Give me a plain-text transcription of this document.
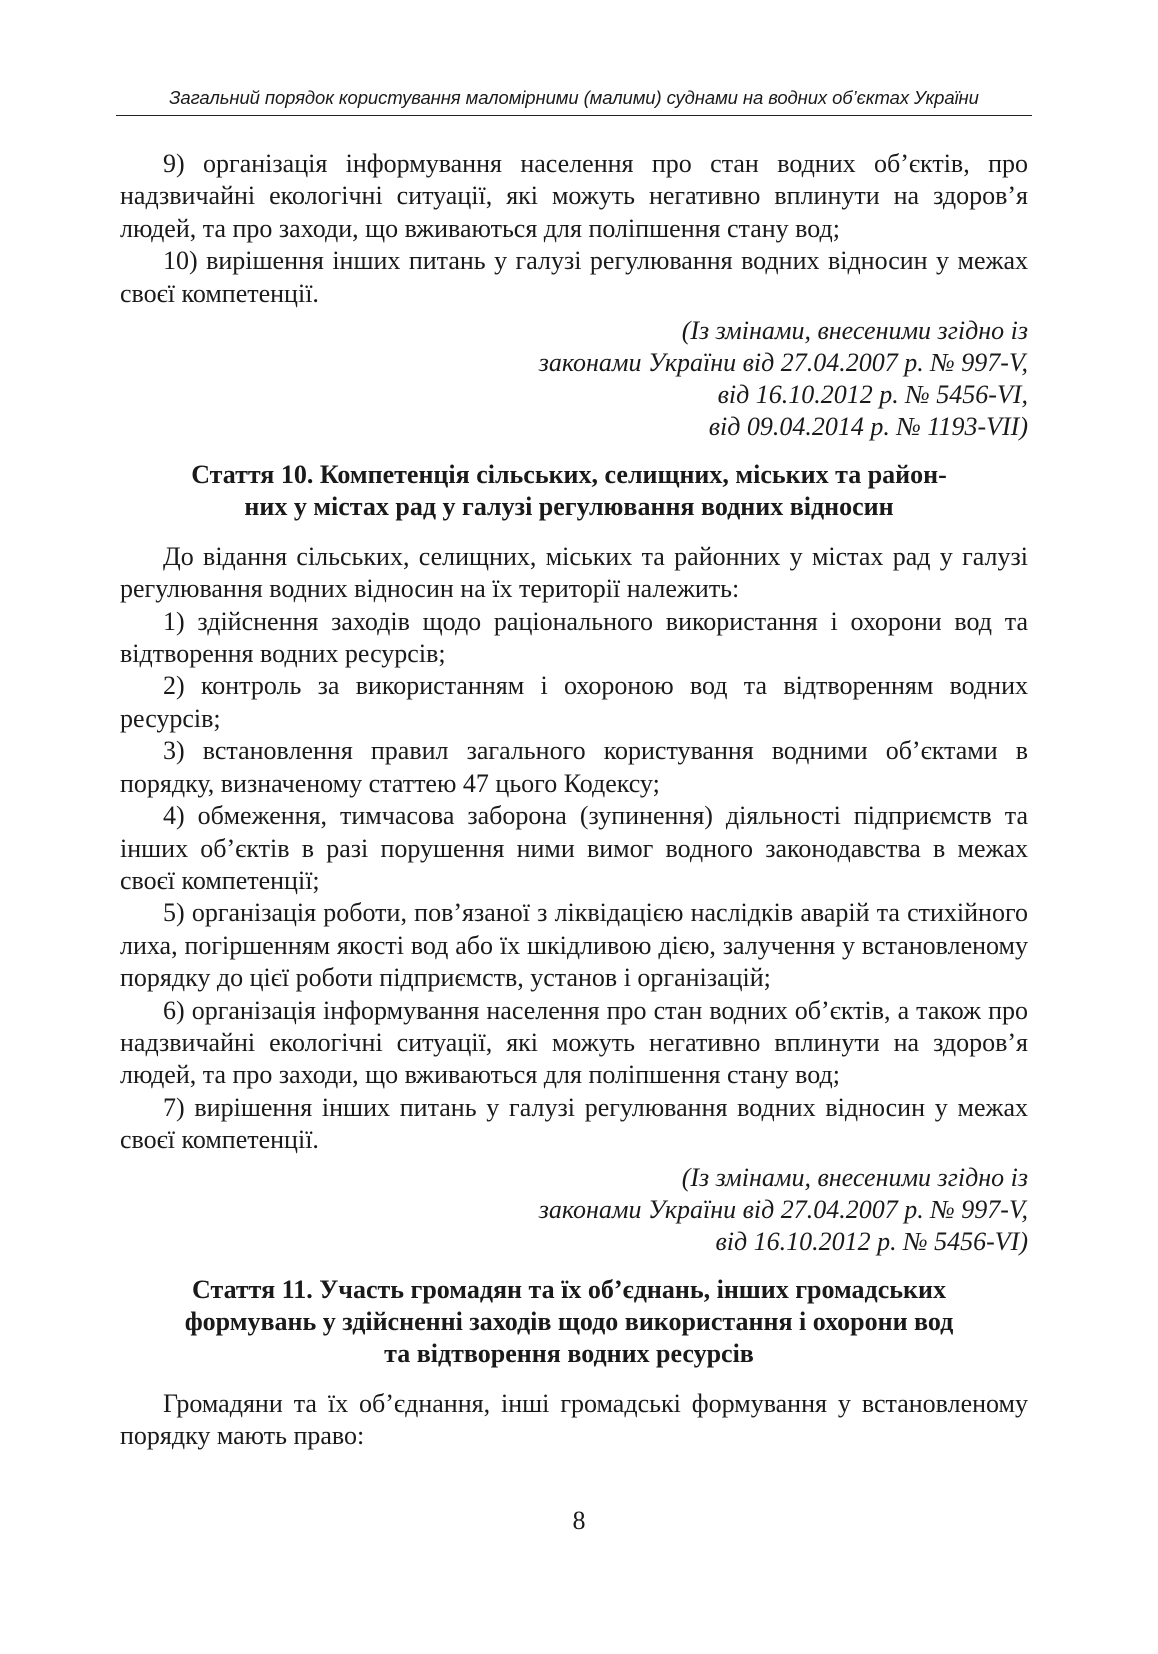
Загальний порядок користування маломірними (малими) суднами на водних об’єктах України

9) організація інформування населення про стан водних об’єктів, про надзвичайні екологічні ситуації, які можуть негативно вплинути на здоров’я людей, та про заходи, що вживаються для поліпшення стану вод;

10) вирішення інших питань у галузі регулювання водних відносин у межах своєї компетенції.

(Із змінами, внесеними згідно із
законами України від 27.04.2007 р. № 997-V,
від 16.10.2012 р. № 5456-VI,
від 09.04.2014 р. № 1193-VII)
Стаття 10. Компетенція сільських, селищних, міських та район-
них у містах рад у галузі регулювання водних відносин

До відання сільських, селищних, міських та районних у містах рад у галузі регулювання водних відносин на їх території належить:

1) здійснення заходів щодо раціонального використання і охорони вод та відтворення водних ресурсів;

2) контроль за використанням і охороною вод та відтворенням водних ресурсів;

3) встановлення правил загального користування водними об’єктами в порядку, визначеному статтею 47 цього Кодексу;

4) обмеження, тимчасова заборона (зупинення) діяльності підприємств та інших об’єктів в разі порушення ними вимог водного законодавства в межах своєї компетенції;

5) організація роботи, пов’язаної з ліквідацією наслідків аварій та стихійного лиха, погіршенням якості вод або їх шкідливою дією, залучення у встановленому порядку до цієї роботи підприємств, установ і організацій;

6) організація інформування населення про стан водних об’єктів, а також про надзвичайні екологічні ситуації, які можуть негативно вплинути на здоров’я людей, та про заходи, що вживаються для поліпшення стану вод;

7) вирішення інших питань у галузі регулювання водних відносин у межах своєї компетенції.

(Із змінами, внесеними згідно із
законами України від 27.04.2007 р. № 997-V,
від 16.10.2012 р. № 5456-VI)
Стаття 11. Участь громадян та їх об’єднань, інших громадських
формувань у здійсненні заходів щодо використання і охорони вод
та відтворення водних ресурсів

Громадяни та їх об’єднання, інші громадські формування у встановленому порядку мають право:

8
